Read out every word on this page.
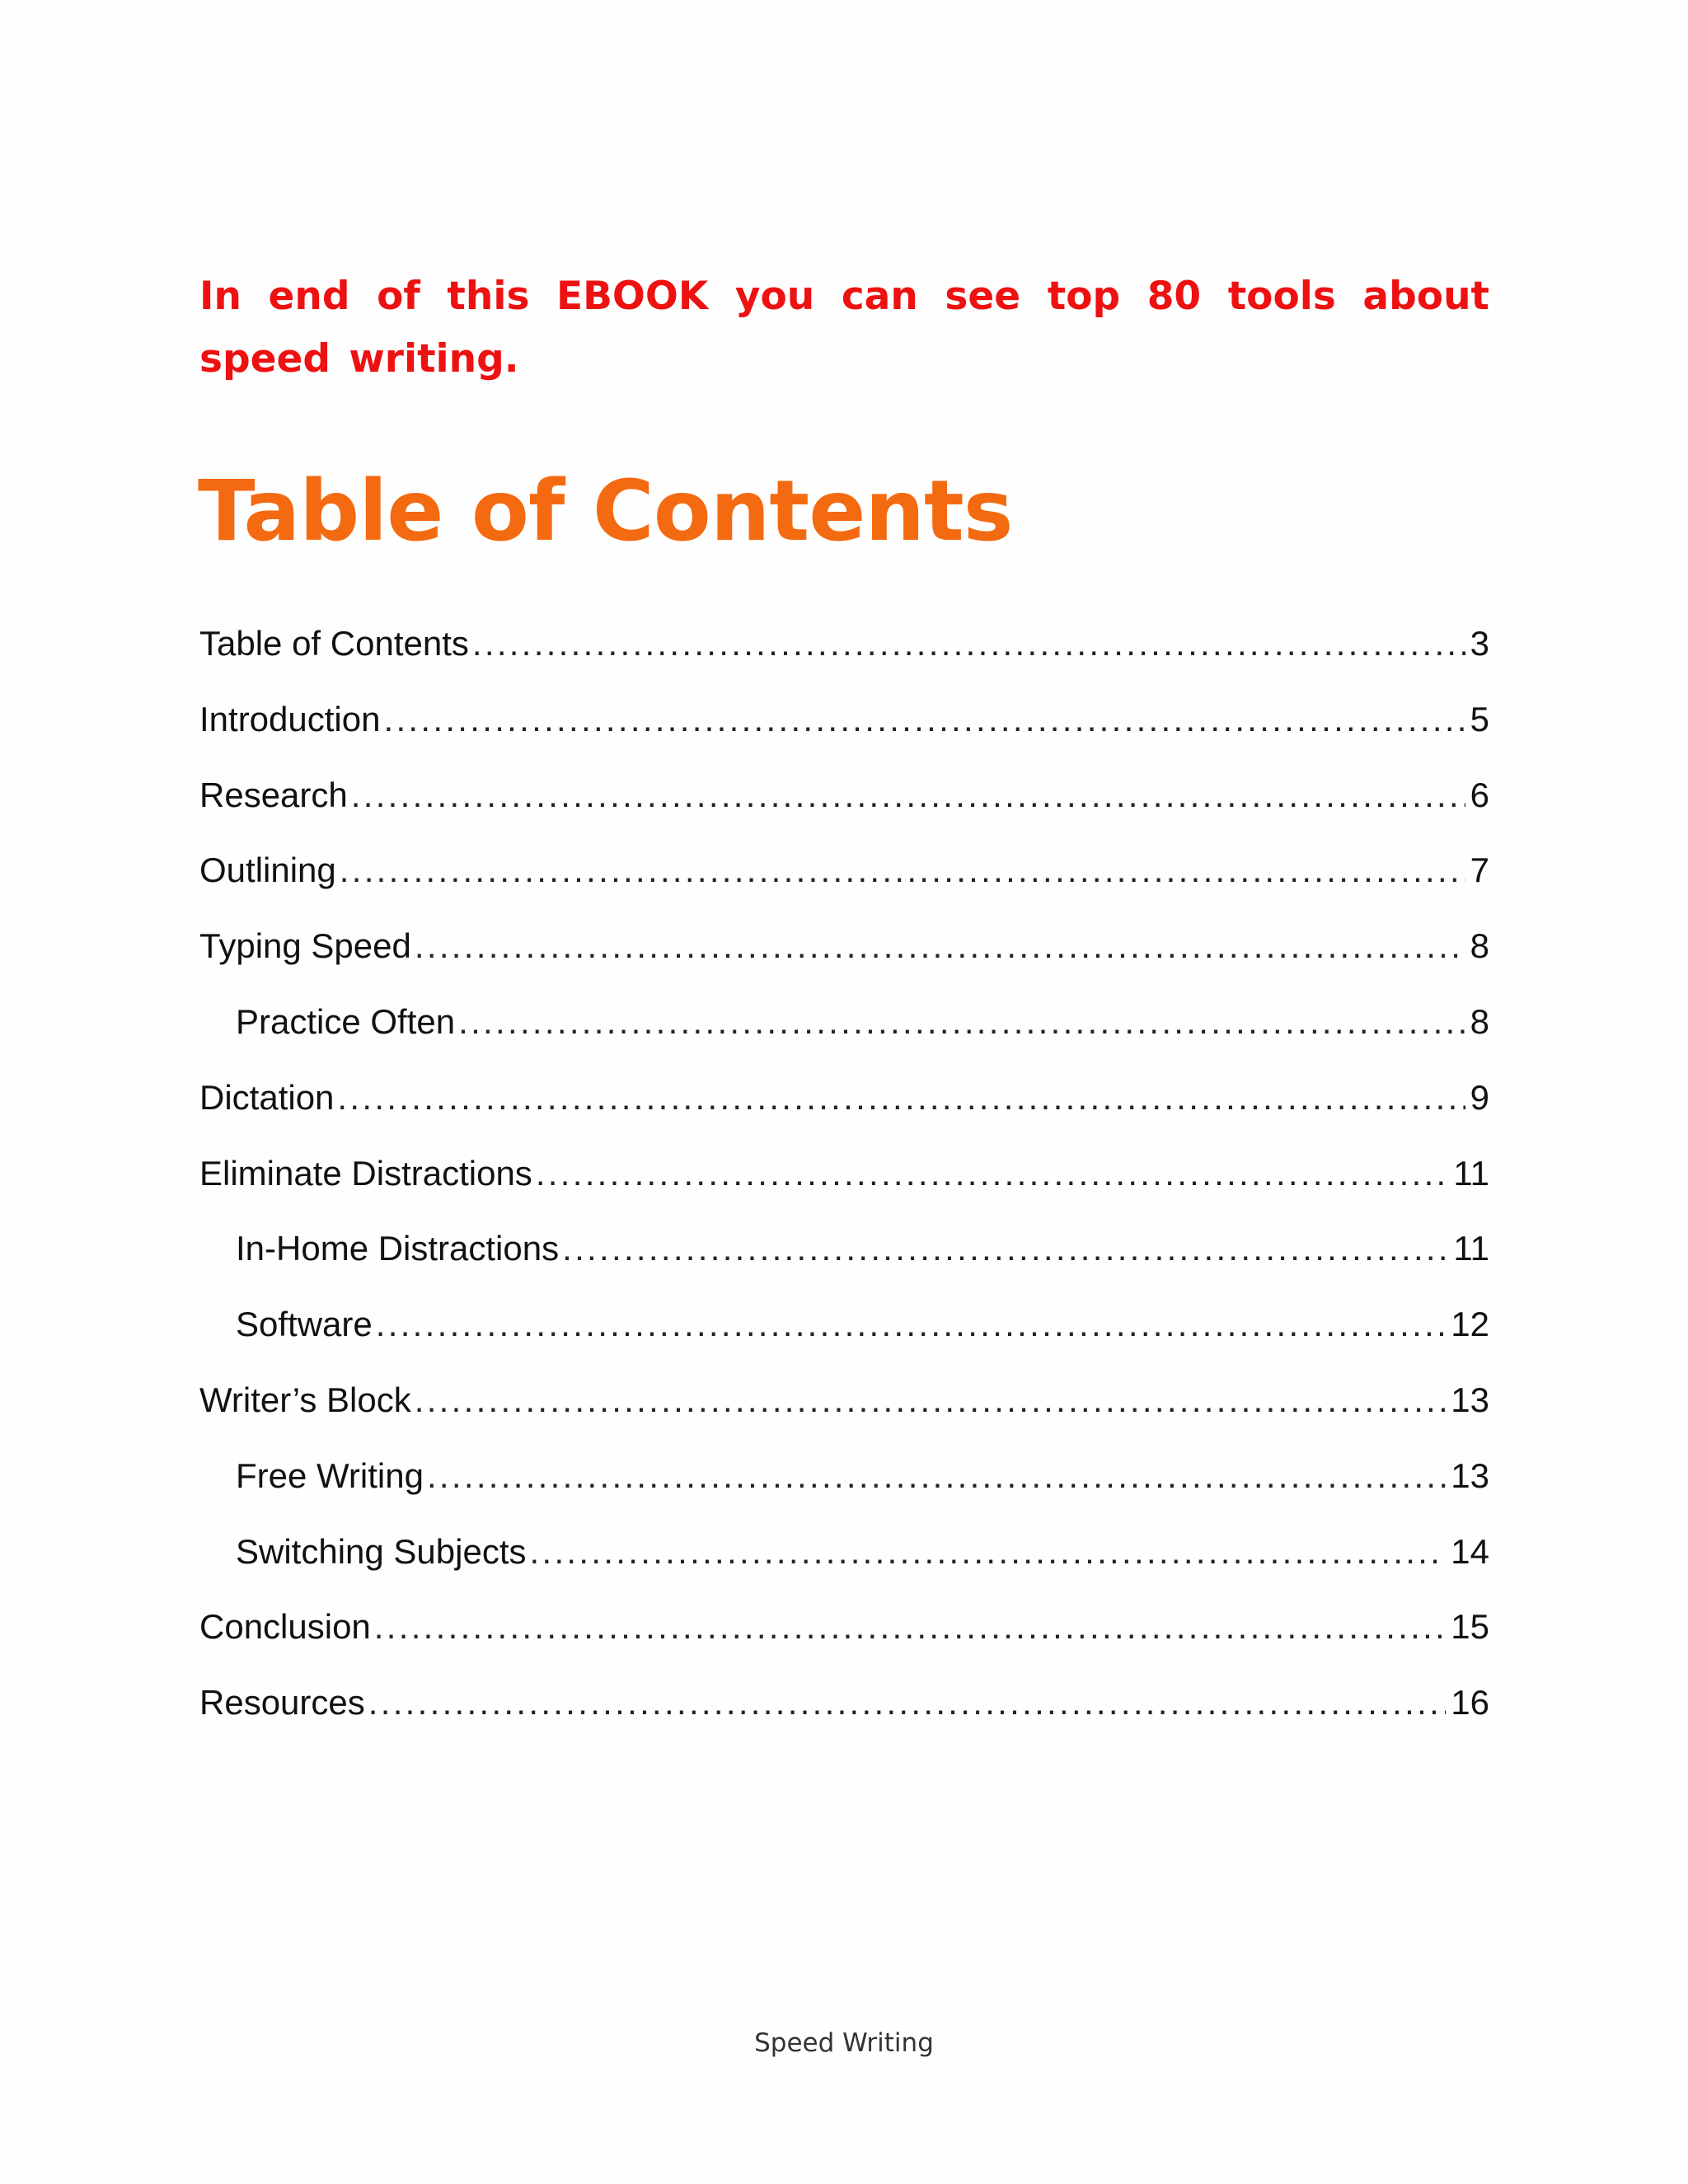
In end of this EBOOK you can see top 80 tools about speed writing.

Table of Contents
Table of Contents .....	3
Introduction .....	5
Research .....	6
Outlining .....	7
Typing Speed .....	8
Practice Often .....	8
Dictation .....	9
Eliminate Distractions .....	11
In-Home Distractions .....	11
Software .....	12
Writer’s Block .....	13
Free Writing .....	13
Switching Subjects .....	14
Conclusion .....	15
Resources .....	16
Speed Writing
